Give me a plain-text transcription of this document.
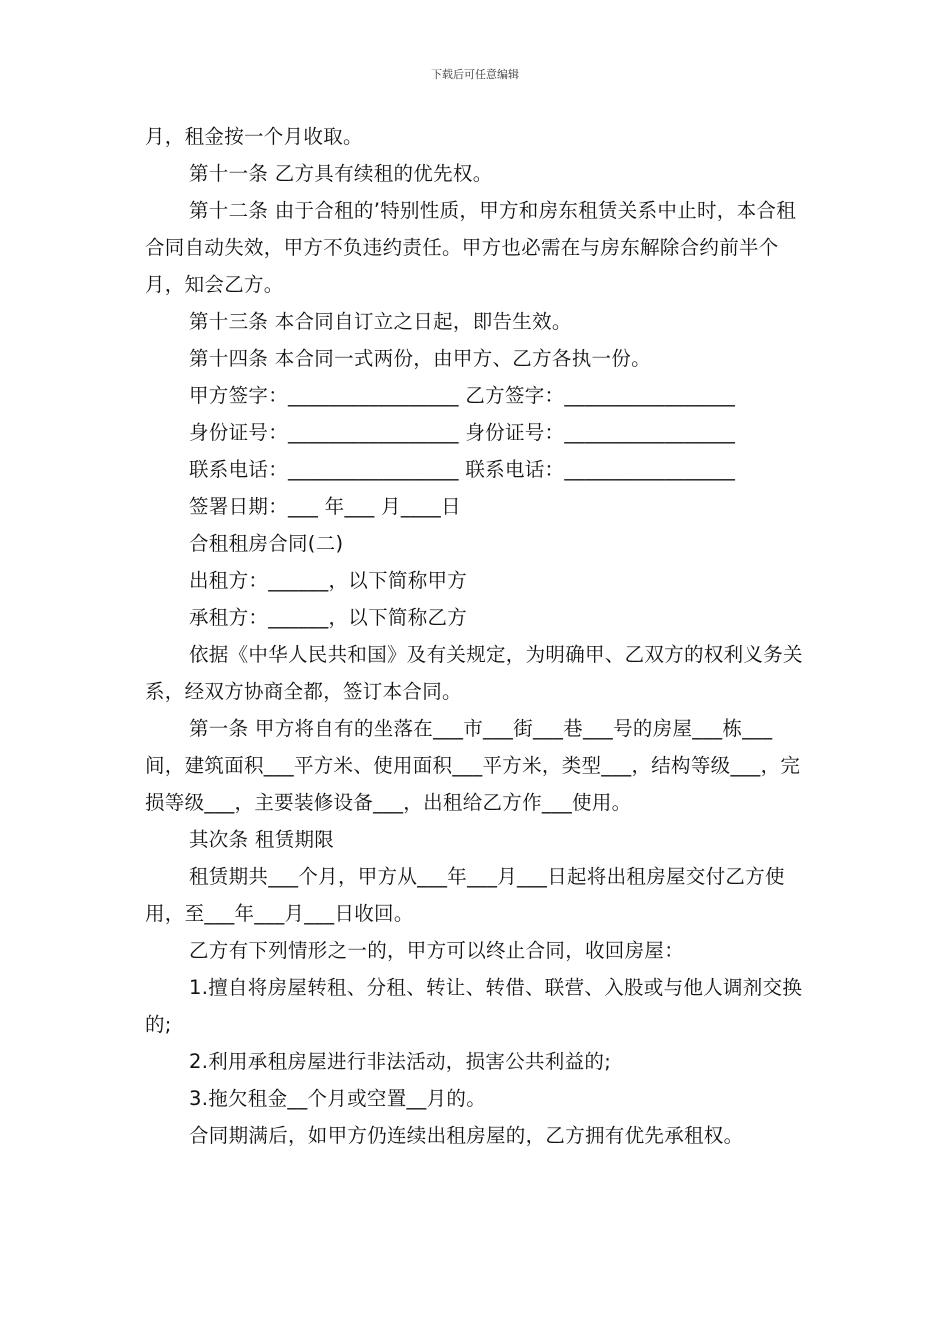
下载后可任意编辑

月，租金按一个月收取。

第十一条 乙方具有续租的优先权。

第十二条 由于合租的’特别性质，甲方和房东租赁关系中止时，本合租合同自动失效，甲方不负违约责任。甲方也必需在与房东解除合约前半个月，知会乙方。

第十三条 本合同自订立之日起，即告生效。

第十四条 本合同一式两份，由甲方、乙方各执一份。

甲方签字：_________________ 乙方签字：_________________

身份证号：_________________ 身份证号：_________________

联系电话：_________________ 联系电话：_________________

签署日期：___ 年___ 月____日

合租租房合同(二)

出租方：______，以下简称甲方

承租方：______，以下简称乙方

依据《中华人民共和国》及有关规定，为明确甲、乙双方的权利义务关系，经双方协商全都，签订本合同。

第一条 甲方将自有的坐落在___市___街___巷___号的房屋___栋___间，建筑面积___平方米、使用面积___平方米，类型___，结构等级___，完损等级___，主要装修设备___，出租给乙方作___使用。

其次条 租赁期限

租赁期共___个月，甲方从___年___月___日起将出租房屋交付乙方使用，至___年___月___日收回。

乙方有下列情形之一的，甲方可以终止合同，收回房屋：

1.擅自将房屋转租、分租、转让、转借、联营、入股或与他人调剂交换的;

2.利用承租房屋进行非法活动，损害公共利益的;

3.拖欠租金__个月或空置__月的。

合同期满后，如甲方仍连续出租房屋的，乙方拥有优先承租权。
